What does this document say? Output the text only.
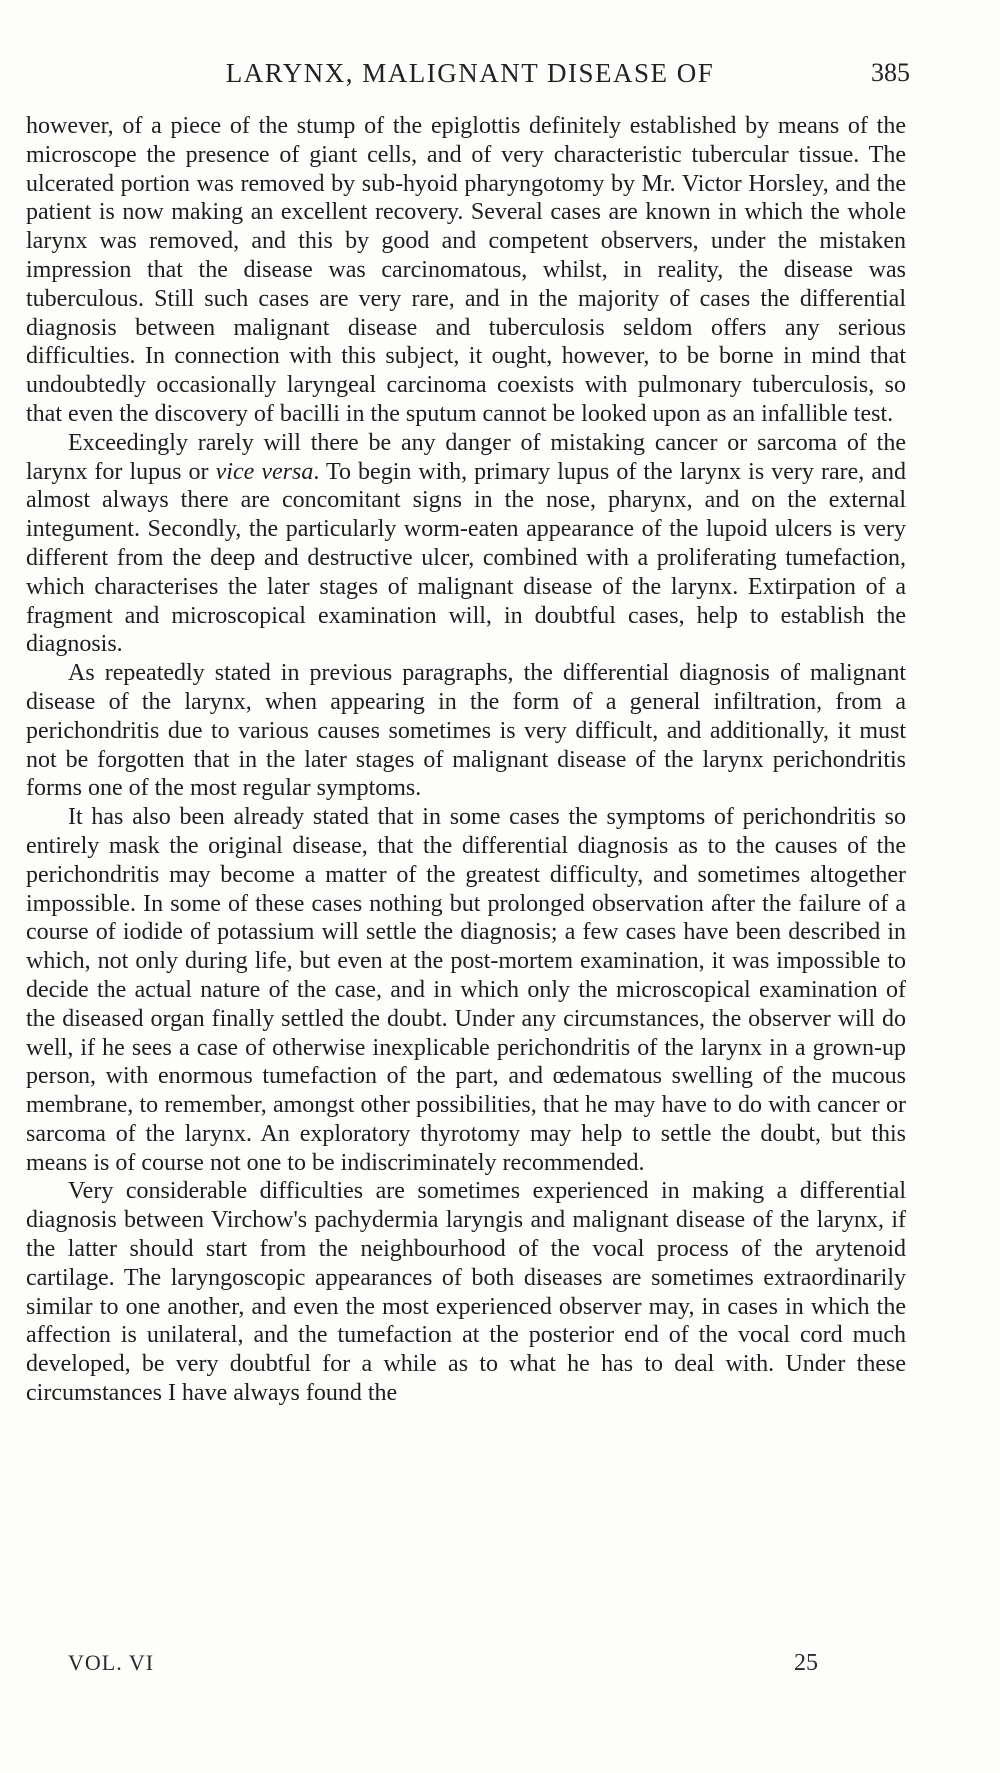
LARYNX, MALIGNANT DISEASE OF	385

however, of a piece of the stump of the epiglottis definitely established by means of the microscope the presence of giant cells, and of very characteristic tubercular tissue. The ulcerated portion was removed by sub-hyoid pharyngotomy by Mr. Victor Horsley, and the patient is now making an excellent recovery. Several cases are known in which the whole larynx was removed, and this by good and competent observers, under the mistaken impression that the disease was carcinomatous, whilst, in reality, the disease was tuberculous. Still such cases are very rare, and in the majority of cases the differential diagnosis between malignant disease and tuberculosis seldom offers any serious difficulties. In connection with this subject, it ought, however, to be borne in mind that undoubtedly occasionally laryngeal carcinoma coexists with pulmonary tuberculosis, so that even the discovery of bacilli in the sputum cannot be looked upon as an infallible test.

Exceedingly rarely will there be any danger of mistaking cancer or sarcoma of the larynx for lupus or vice versa. To begin with, primary lupus of the larynx is very rare, and almost always there are concomitant signs in the nose, pharynx, and on the external integument. Secondly, the particularly worm-eaten appearance of the lupoid ulcers is very different from the deep and destructive ulcer, combined with a proliferating tumefaction, which characterises the later stages of malignant disease of the larynx. Extirpation of a fragment and microscopical examination will, in doubtful cases, help to establish the diagnosis.

As repeatedly stated in previous paragraphs, the differential diagnosis of malignant disease of the larynx, when appearing in the form of a general infiltration, from a perichondritis due to various causes sometimes is very difficult, and additionally, it must not be forgotten that in the later stages of malignant disease of the larynx perichondritis forms one of the most regular symptoms.

It has also been already stated that in some cases the symptoms of perichondritis so entirely mask the original disease, that the differential diagnosis as to the causes of the perichondritis may become a matter of the greatest difficulty, and sometimes altogether impossible. In some of these cases nothing but prolonged observation after the failure of a course of iodide of potassium will settle the diagnosis; a few cases have been described in which, not only during life, but even at the post-mortem examination, it was impossible to decide the actual nature of the case, and in which only the microscopical examination of the diseased organ finally settled the doubt. Under any circumstances, the observer will do well, if he sees a case of otherwise inexplicable perichondritis of the larynx in a grown-up person, with enormous tumefaction of the part, and œdematous swelling of the mucous membrane, to remember, amongst other possibilities, that he may have to do with cancer or sarcoma of the larynx. An exploratory thyrotomy may help to settle the doubt, but this means is of course not one to be indiscriminately recommended.

Very considerable difficulties are sometimes experienced in making a differential diagnosis between Virchow's pachydermia laryngis and malignant disease of the larynx, if the latter should start from the neighbourhood of the vocal process of the arytenoid cartilage. The laryngoscopic appearances of both diseases are sometimes extraordinarily similar to one another, and even the most experienced observer may, in cases in which the affection is unilateral, and the tumefaction at the posterior end of the vocal cord much developed, be very doubtful for a while as to what he has to deal with. Under these circumstances I have always found the

VOL. VI	25
